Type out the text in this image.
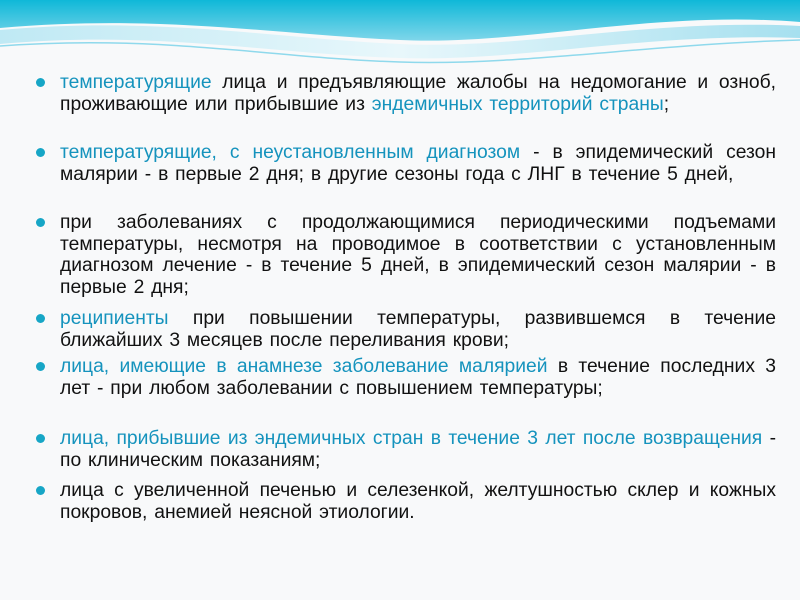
температурящие лица и предъявляющие жалобы на недомогание и озноб, проживающие или прибывшие из эндемичных территорий страны;
температурящие, с неустановленным диагнозом - в эпидемический сезон малярии - в первые 2 дня; в другие сезоны года с ЛНГ в течение 5 дней,
при заболеваниях с продолжающимися периодическими подъемами температуры, несмотря на проводимое в соответствии с установленным диагнозом лечение - в течение 5 дней, в эпидемический сезон малярии - в первые 2 дня;
реципиенты при повышении температуры, развившемся в течение ближайших 3 месяцев после переливания крови;
лица, имеющие в анамнезе заболевание малярией в течение последних 3 лет - при любом заболевании с повышением температуры;
лица, прибывшие из эндемичных стран в течение 3 лет после возвращения - по клиническим показаниям;
лица с увеличенной печенью и селезенкой, желтушностью склер и кожных покровов, анемией неясной этиологии.
